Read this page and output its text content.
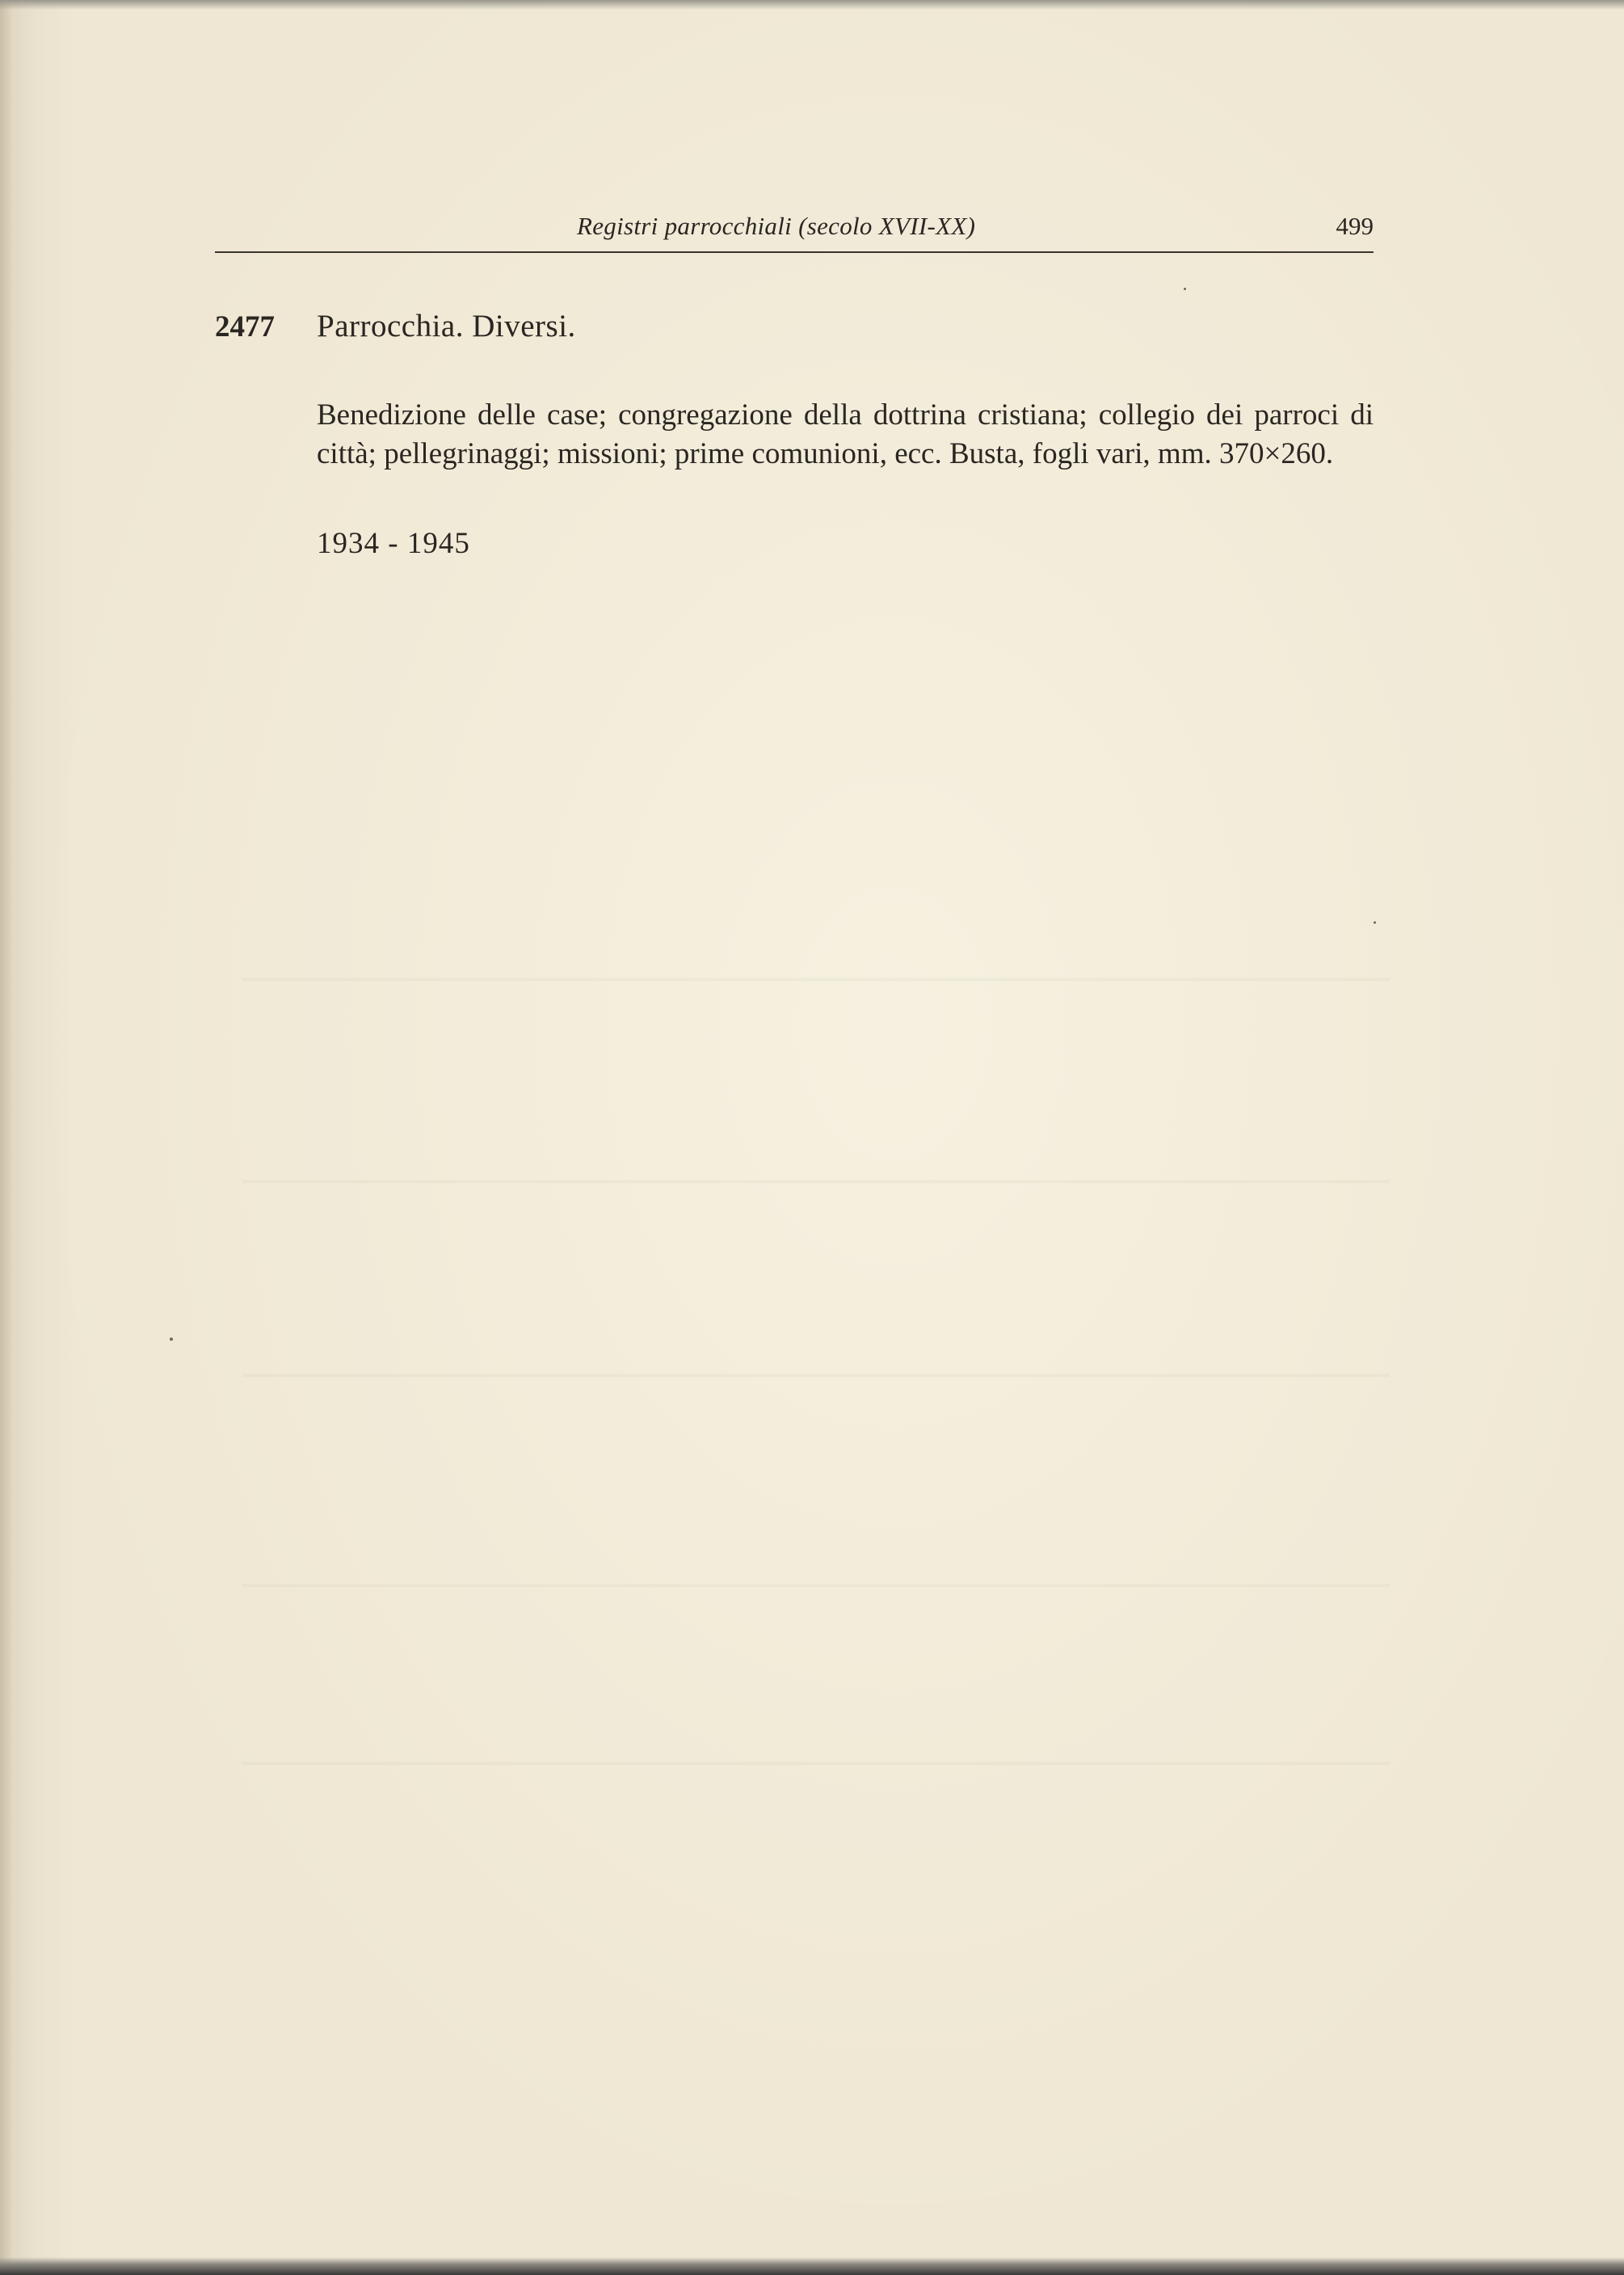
Registri parrocchiali (secolo XVII-XX)	499
2477 Parrocchia. Diversi.
Benedizione delle case; congregazione della dottrina cristiana; collegio dei parroci di città; pellegrinaggi; missioni; prime comunioni, ecc. Busta, fogli vari, mm. 370×260.
1934 - 1945
